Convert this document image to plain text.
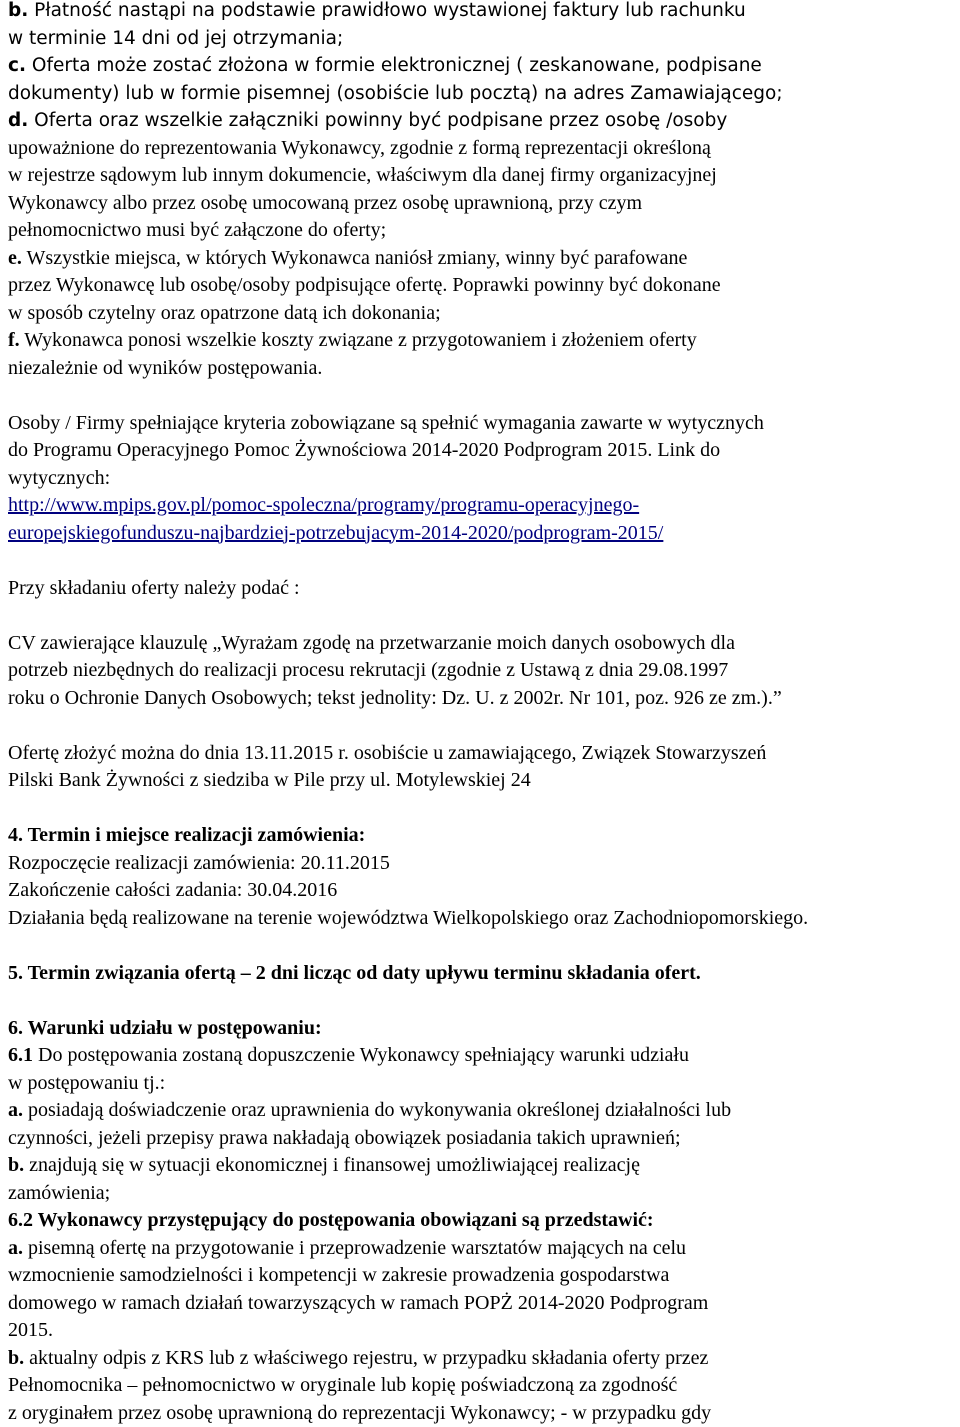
b. Płatność nastąpi na podstawie prawidłowo wystawionej faktury lub rachunku
w terminie 14 dni od jej otrzymania;
c. Oferta może zostać złożona w formie elektronicznej ( zeskanowane, podpisane
dokumenty) lub w formie pisemnej (osobiście lub pocztą) na adres Zamawiającego;
d. Oferta oraz wszelkie załączniki powinny być podpisane przez osobę /osoby
upoważnione do reprezentowania Wykonawcy, zgodnie z formą reprezentacji określoną
w rejestrze sądowym lub innym dokumencie, właściwym dla danej firmy organizacyjnej
Wykonawcy albo przez osobę umocowaną przez osobę uprawnioną, przy czym
pełnomocnictwo musi być załączone do oferty;
e. Wszystkie miejsca, w których Wykonawca naniósł zmiany, winny być parafowane
przez Wykonawcę lub osobę/osoby podpisujące ofertę. Poprawki powinny być dokonane
w sposób czytelny oraz opatrzone datą ich dokonania;
f. Wykonawca ponosi wszelkie koszty związane z przygotowaniem i złożeniem oferty
niezależnie od wyników postępowania.
Osoby / Firmy spełniające kryteria zobowiązane są spełnić wymagania zawarte w wytycznych
do Programu Operacyjnego Pomoc Żywnościowa 2014-2020 Podprogram 2015. Link do
wytycznych:
http://www.mpips.gov.pl/pomoc-spoleczna/programy/programu-operacyjnego-
europejskiegofunduszu-najbardziej-potrzebujacym-2014-2020/podprogram-2015/
Przy składaniu oferty należy podać :
CV zawierające klauzulę „Wyrażam zgodę na przetwarzanie moich danych osobowych dla
potrzeb niezbędnych do realizacji procesu rekrutacji (zgodnie z Ustawą z dnia 29.08.1997
roku o Ochronie Danych Osobowych; tekst jednolity: Dz. U. z 2002r. Nr 101, poz. 926 ze zm.).”
Ofertę złożyć można do dnia 13.11.2015 r. osobiście u zamawiającego, Związek Stowarzyszeń
Pilski Bank Żywności z siedziba w Pile przy ul. Motylewskiej 24
4. Termin i miejsce realizacji zamówienia:
Rozpoczęcie realizacji zamówienia: 20.11.2015
Zakończenie całości zadania: 30.04.2016
Działania będą realizowane na terenie województwa Wielkopolskiego oraz Zachodniopomorskiego.
5. Termin związania ofertą – 2 dni licząc od daty upływu terminu składania ofert.
6. Warunki udziału w postępowaniu:
6.1 Do postępowania zostaną dopuszczenie Wykonawcy spełniający warunki udziału
w postępowaniu tj.:
a. posiadają doświadczenie oraz uprawnienia do wykonywania określonej działalności lub
czynności, jeżeli przepisy prawa nakładają obowiązek posiadania takich uprawnień;
b. znajdują się w sytuacji ekonomicznej i finansowej umożliwiającej realizację
zamówienia;
6.2 Wykonawcy przystępujący do postępowania obowiązani są przedstawić:
a. pisemną ofertę na przygotowanie i przeprowadzenie warsztatów mających na celu
wzmocnienie samodzielności i kompetencji w zakresie prowadzenia gospodarstwa
domowego w ramach działań towarzyszących w ramach POPŻ 2014-2020 Podprogram
2015.
b. aktualny odpis z KRS lub z właściwego rejestru, w przypadku składania oferty przez
Pełnomocnika – pełnomocnictwo w oryginale lub kopię poświadczoną za zgodność
z oryginałem przez osobę uprawnioną do reprezentacji Wykonawcy; - w przypadku gdy
